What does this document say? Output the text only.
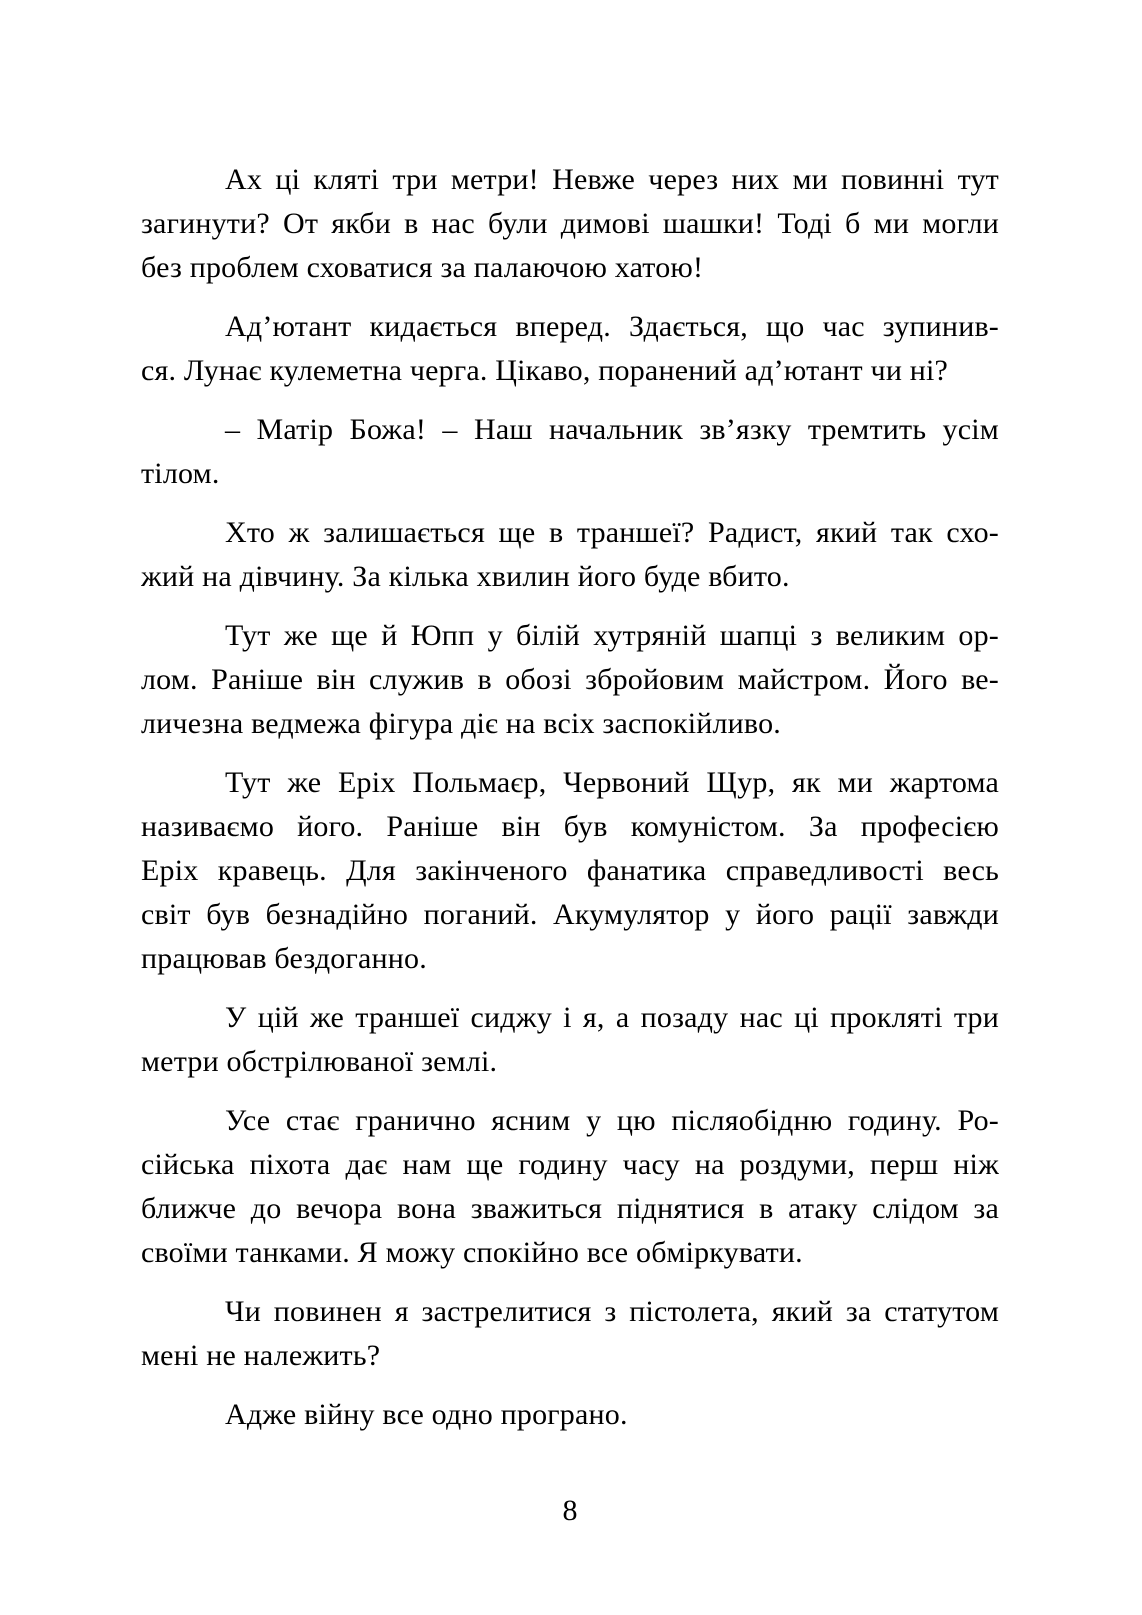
Ах ці кляті три метри! Невже через них ми повинні тут
загинути? От якби в нас були димові шашки! Тоді б ми могли
без проблем сховатися за палаючою хатою!

Ад’ютант кидається вперед. Здається, що час зупинив-
ся. Лунає кулеметна черга. Цікаво, поранений ад’ютант чи ні?

– Матір Божа! – Наш начальник зв’язку тремтить усім
тілом.

Хто ж залишається ще в траншеї? Радист, який так схо-
жий на дівчину. За кілька хвилин його буде вбито.

Тут же ще й Юпп у білій хутряній шапці з великим ор-
лом. Раніше він служив в обозі збройовим майстром. Його ве-
личезна ведмежа фігура діє на всіх заспокійливо.

Тут же Еріх Польмаєр, Червоний Щур, як ми жартома
називаємо його. Раніше він був комуністом. За професією
Еріх кравець. Для закінченого фанатика справедливості весь
світ був безнадійно поганий. Акумулятор у його рації завжди
працював бездоганно.

У цій же траншеї сиджу і я, а позаду нас ці прокляті три
метри обстрілюваної землі.

Усе стає гранично ясним у цю післяобідню годину. Ро-
сійська піхота дає нам ще годину часу на роздуми, перш ніж
ближче до вечора вона зважиться піднятися в атаку слідом за
своїми танками. Я можу спокійно все обміркувати.

Чи повинен я застрелитися з пістолета, який за статутом
мені не належить?

Адже війну все одно програно.

8
